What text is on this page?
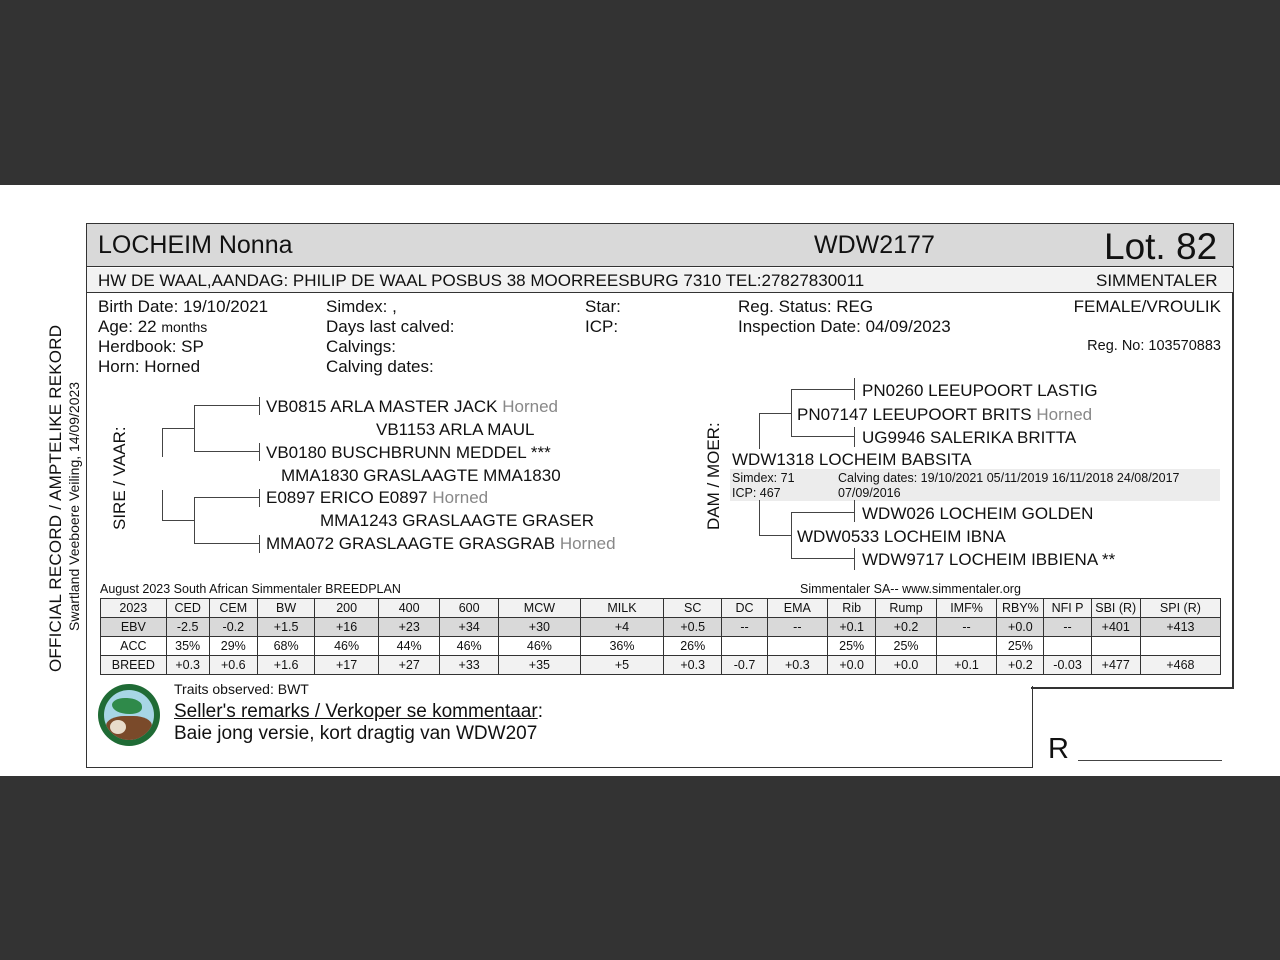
OFFICIAL RECORD / AMPTELIKE REKORD Swartland Veeboere Veiling, 14/09/2023
LOCHEIM Nonna	WDW2177	Lot. 82
HW DE WAAL,AANDAG: PHILIP DE WAAL POSBUS 38 MOORREESBURG 7310 TEL:27827830011	SIMMENTALER
Birth Date: 19/10/2021
Age: 22 months
Herdbook: SP
Horn: Horned
Simdex: ,
Days last calved:
Calvings:
Calving dates:
Star:
ICP:
Reg. Status: REG
Inspection Date: 04/09/2023
FEMALE/VROULIK
Reg. No: 103570883
SIRE / VAAR:
VB0815 ARLA MASTER JACK Horned
VB1153 ARLA MAUL
VB0180 BUSCHBRUNN MEDDEL ***
MMA1830 GRASLAAGTE MMA1830
E0897 ERICO E0897 Horned
MMA1243 GRASLAAGTE GRASER
MMA072 GRASLAAGTE GRASGRAB Horned
DAM / MOER:
PN0260 LEEUPOORT LASTIG
PN07147 LEEUPOORT BRITS Horned
UG9946 SALERIKA BRITTA
WDW1318 LOCHEIM BABSITA
Simdex: 71
ICP: 467
Calving dates: 19/10/2021 05/11/2019 16/11/2018 24/08/2017
07/09/2016
WDW026 LOCHEIM GOLDEN
WDW0533 LOCHEIM IBNA
WDW9717 LOCHEIM IBBIENA **
August 2023 South African Simmentaler BREEDPLAN	Simmentaler SA-- www.simmentaler.org
2023	CED	CEM	BW	200	400	600	MCW	MILK	SC	DC	EMA	Rib	Rump	IMF%	RBY%	NFI P	SBI (R)	SPI (R)
EBV	-2.5	-0.2	+1.5	+16	+23	+34	+30	+4	+0.5	--	--	+0.1	+0.2	--	+0.0	--	+401	+413
ACC	35%	29%	68%	46%	44%	46%	46%	36%	26%			25%	25%		25%			
BREED	+0.3	+0.6	+1.6	+17	+27	+33	+35	+5	+0.3	-0.7	+0.3	+0.0	+0.0	+0.1	+0.2	-0.03	+477	+468
Traits observed: BWT
Seller's remarks / Verkoper se kommentaar:
Baie jong versie, kort dragtig van WDW207	R
